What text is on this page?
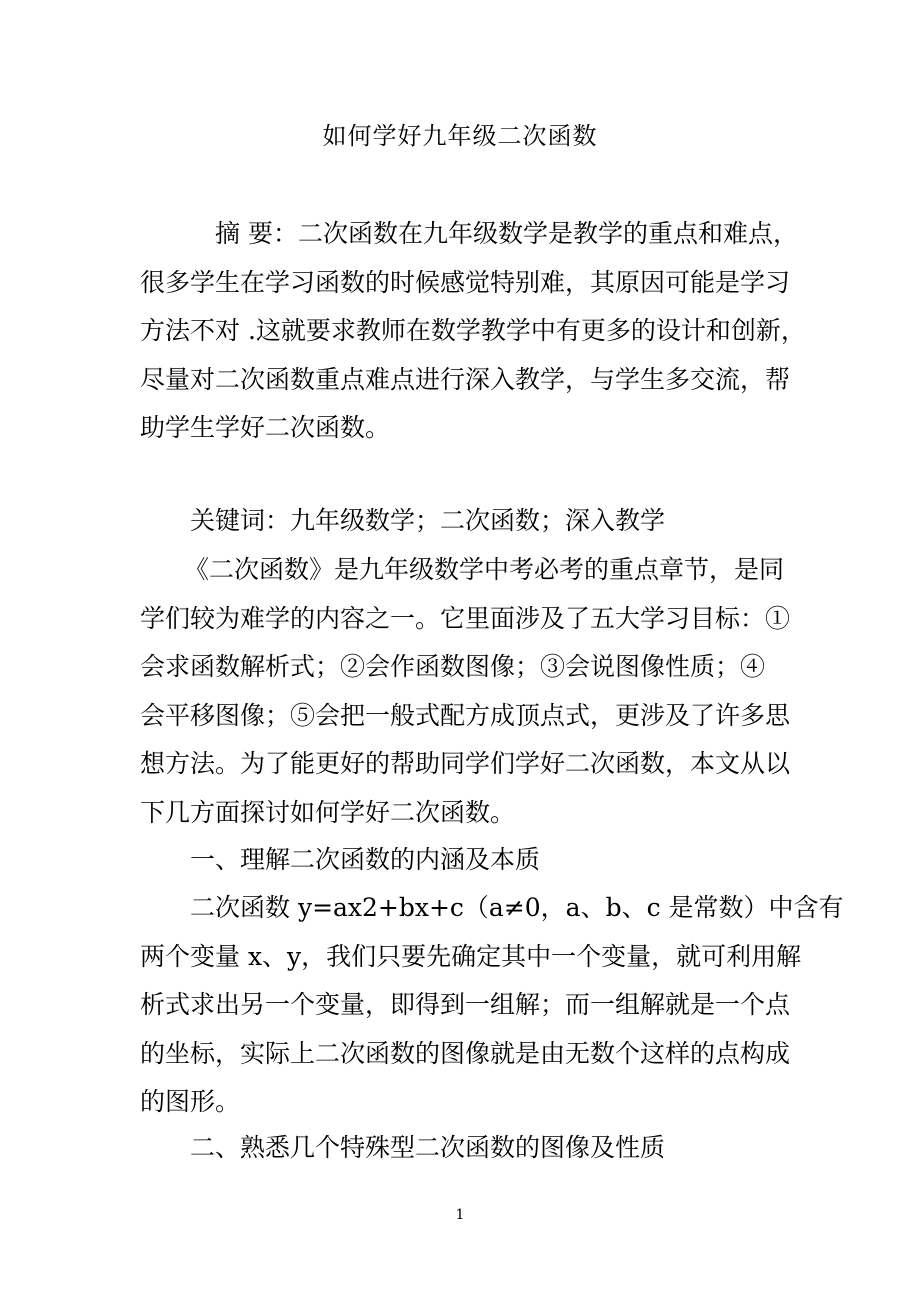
如何学好九年级二次函数
摘 要：二次函数在九年级数学是教学的重点和难点，
很多学生在学习函数的时候感觉特别难，其原因可能是学习
方法不对 .这就要求教师在数学教学中有更多的设计和创新，
尽量对二次函数重点难点进行深入教学，与学生多交流，帮
助学生学好二次函数。

关键词：九年级数学；二次函数；深入教学

《二次函数》是九年级数学中考必考的重点章节，是同
学们较为难学的内容之一。它里面涉及了五大学习目标：①
会求函数解析式；②会作函数图像；③会说图像性质；④
会平移图像；⑤会把一般式配方成顶点式，更涉及了许多思
想方法。为了能更好的帮助同学们学好二次函数，本文从以
下几方面探讨如何学好二次函数。

一、理解二次函数的内涵及本质

二次函数 y=ax2+bx+c（a≠0，a、b、c 是常数）中含有
两个变量 x、y，我们只要先确定其中一个变量，就可利用解
析式求出另一个变量，即得到一组解；而一组解就是一个点
的坐标，实际上二次函数的图像就是由无数个这样的点构成
的图形。

二、熟悉几个特殊型二次函数的图像及性质

1
